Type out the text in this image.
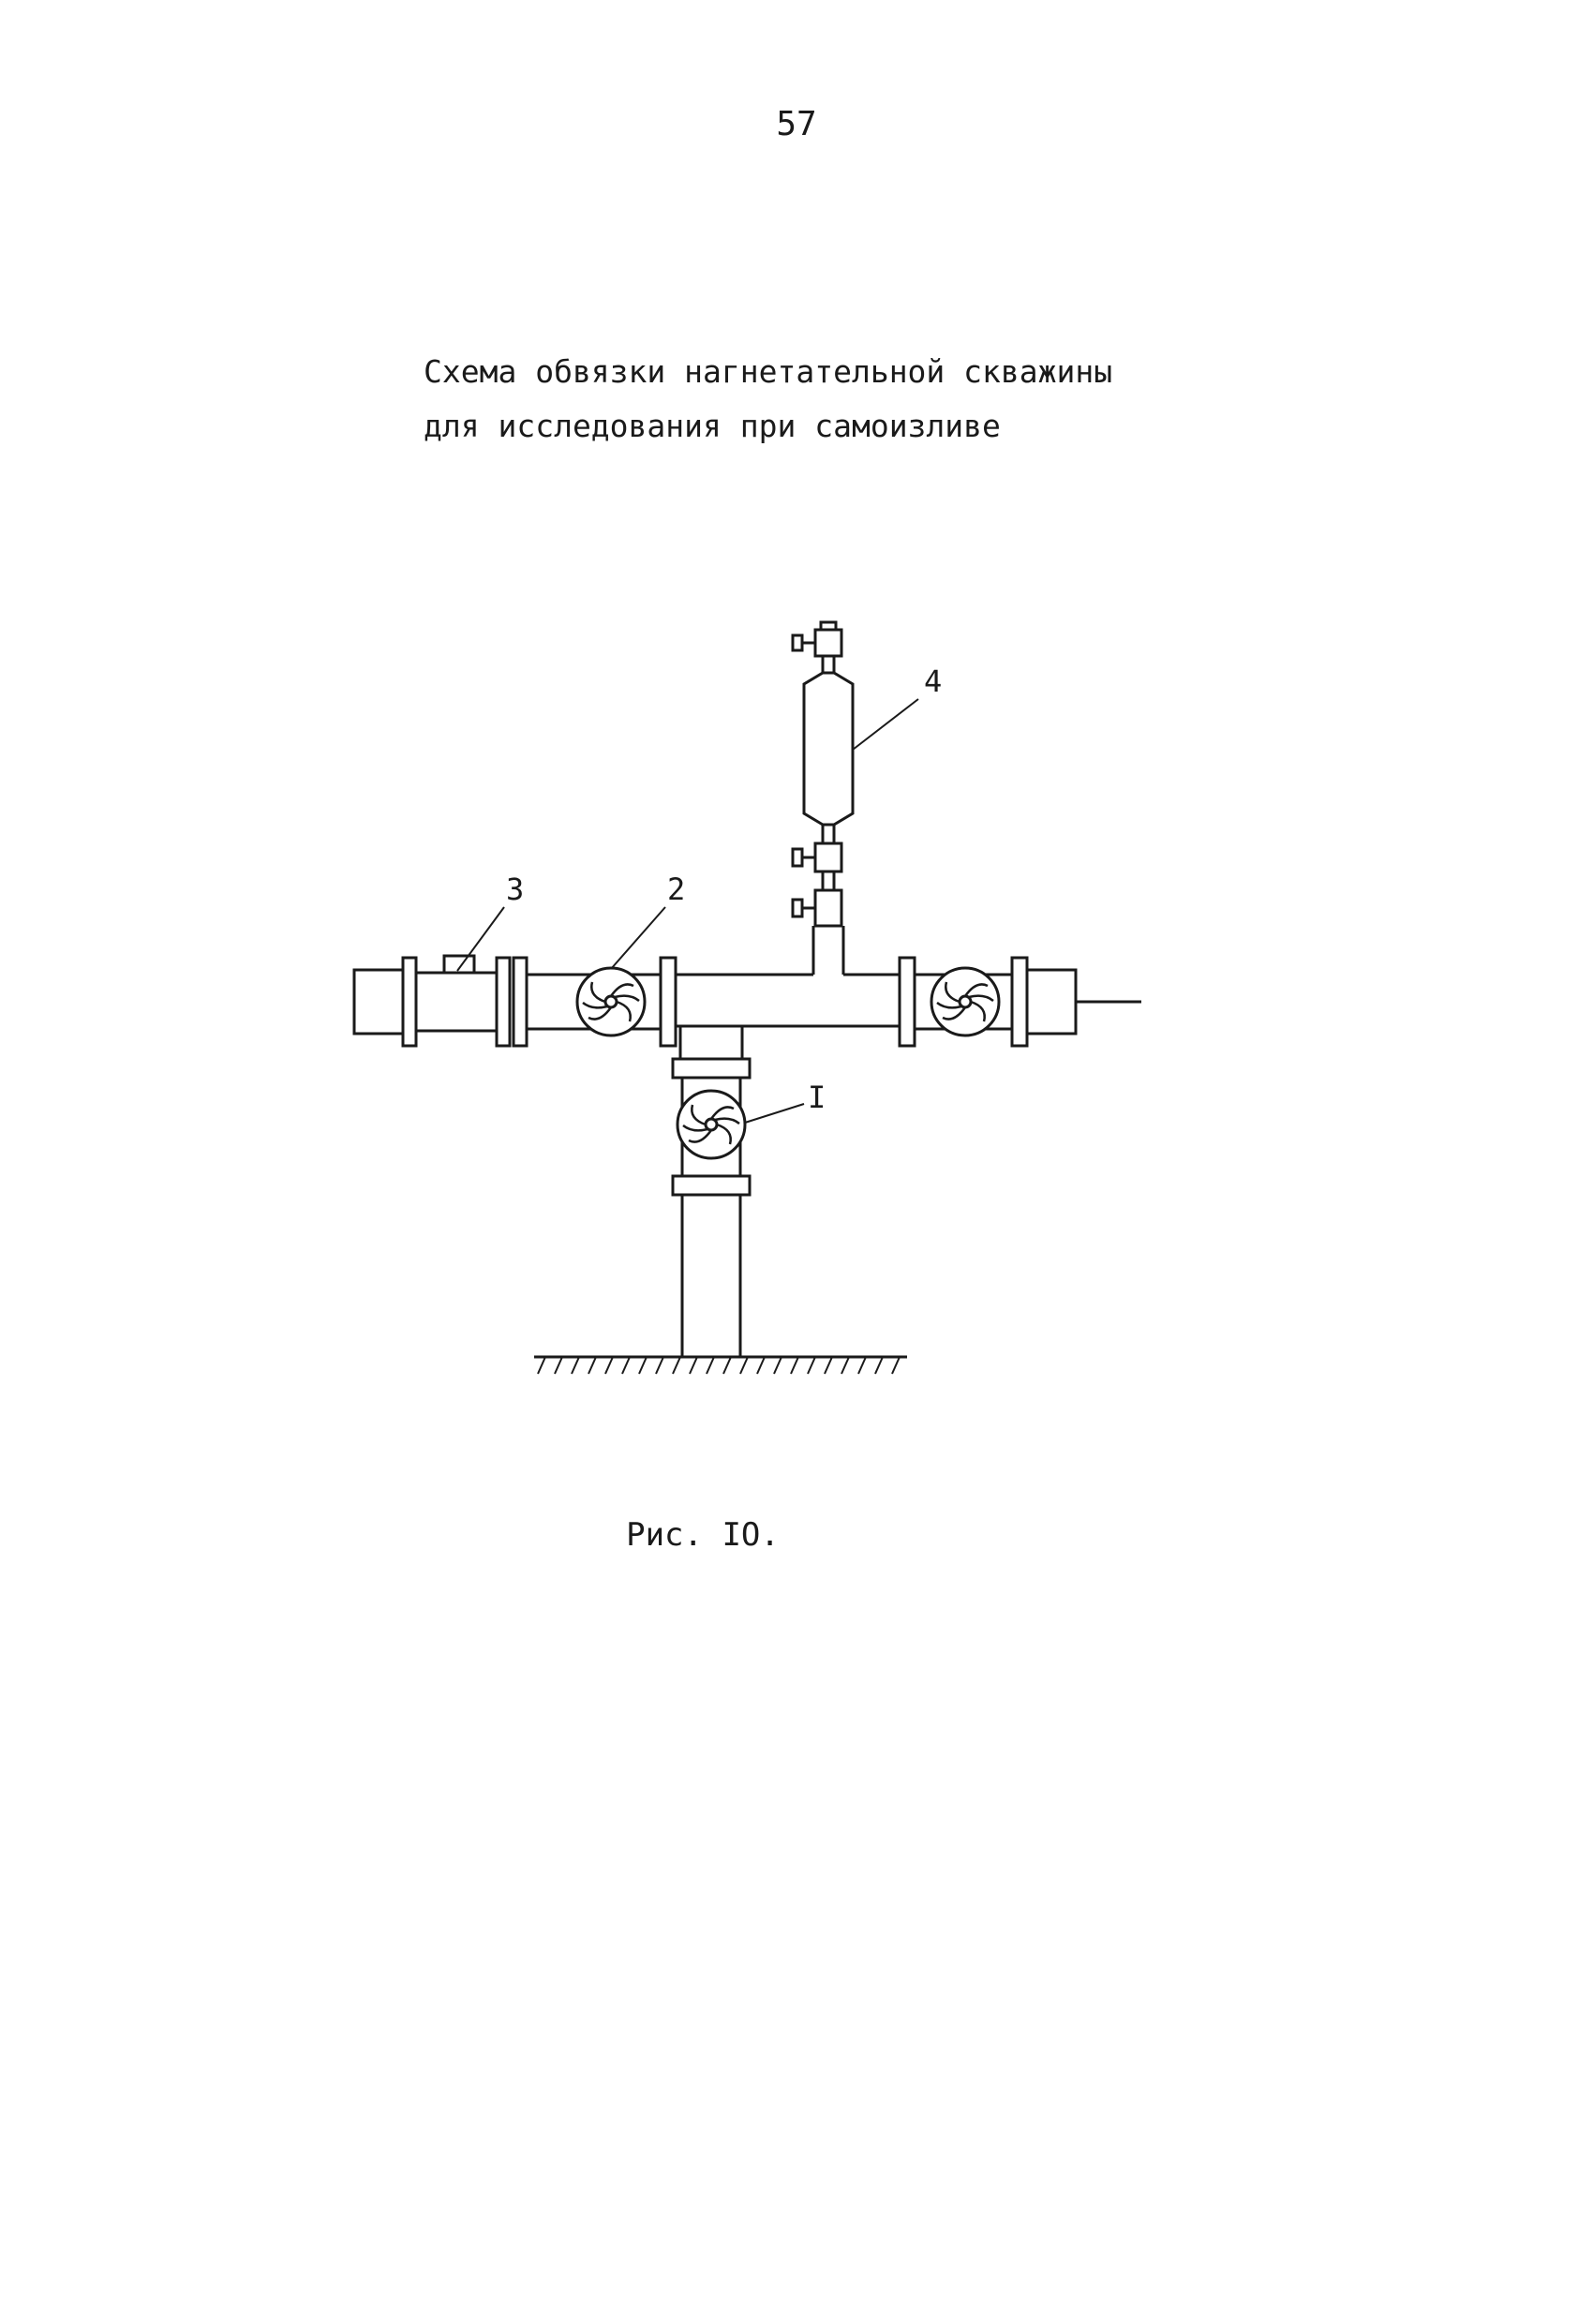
57
Схема обвязки нагнетательной скважины
для исследования при самоизливе
3	2
I
4
Рис. IO.
